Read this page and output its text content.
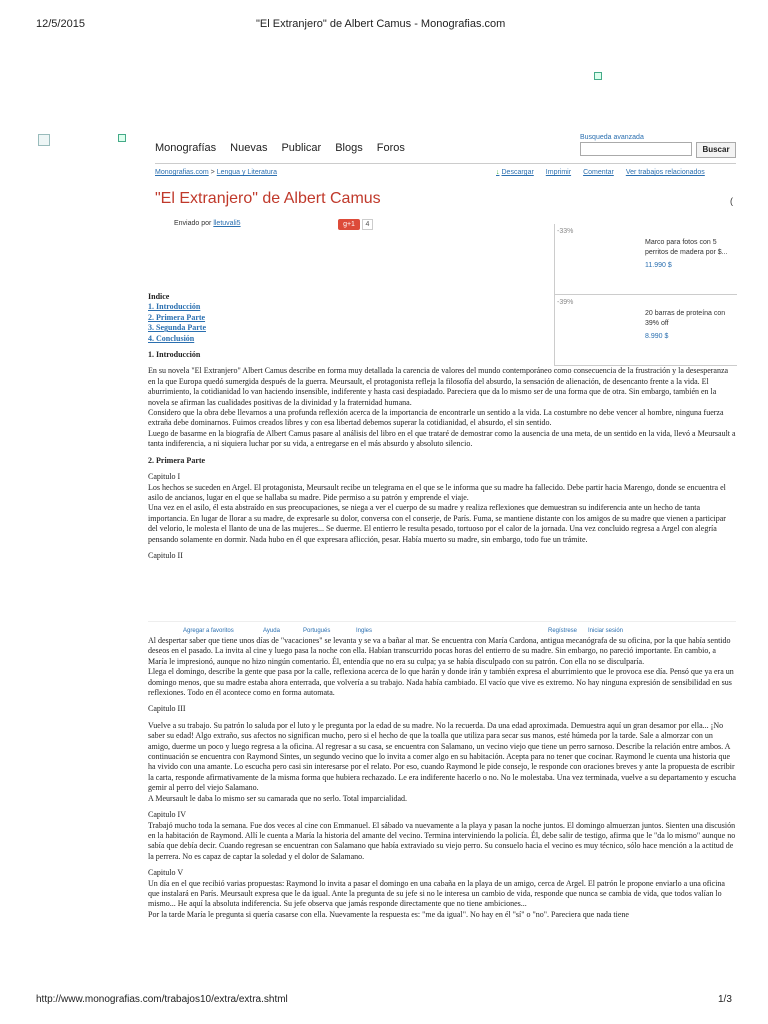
12/5/2015	"El Extranjero" de Albert Camus - Monografias.com
http://www.monografias.com/trabajos10/extra/extra.shtml	1/3
Monografías Nuevas Publicar Blogs Foros
Busqueda avanzada
Buscar
Monografias.com > Lengua y Literatura	↓ Descargar Imprimir Comentar Ver trabajos relacionados
"El Extranjero" de Albert Camus	(
Enviado por lletuvali5	g+1	4
-33%
Marco para fotos con 5 perritos de madera por $...
11.990 $
-39%
20 barras de proteína con 39% off
8.990 $

Indice

1. Introducción

2. Primera Parte

3. Segunda Parte

4. Conclusión

1. Introducción

En su novela "El Extranjero" Albert Camus describe en forma muy detallada la carencia de valores del mundo contemporáneo como consecuencia de la frustración y la desesperanza en la que Europa quedó sumergida después de la guerra. Meursault, el protagonista refleja la filosofía del absurdo, la sensación de alienación, de desencanto frente a la vida. El aburrimiento, la cotidianidad lo van haciendo insensible, indiferente y hasta casi despiadado. Pareciera que da lo mismo ser de una forma que de otra. Sin embargo, también en la novela se afirman las cualidades positivas de la divinidad y la fraternidad humana.

Considero que la obra debe llevarnos a una profunda reflexión acerca de la importancia de encontrarle un sentido a la vida. La costumbre no debe vencer al hombre, ninguna fuerza extraña debe dominarnos. Fuimos creados libres y con esa libertad debemos superar la cotidianidad, el absurdo, el sin sentido.

Luego de basarme en la biografía de Albert Camus pasare al análisis del libro en el que trataré de demostrar como la ausencia de una meta, de un sentido en la vida, llevó a Meursault a tanta indiferencia, a ni siquiera luchar por su vida, a entregarse en el más absurdo y absoluto silencio.

2. Primera Parte

Capitulo I

Los hechos se suceden en Argel. El protagonista, Meursault recibe un telegrama en el que se le informa que su madre ha fallecido. Debe partir hacia Marengo, donde se encuentra el asilo de ancianos, lugar en el que se hallaba su madre. Pide permiso a su patrón y emprende el viaje.

Una vez en el asilo, él esta abstraído en sus preocupaciones, se niega a ver el cuerpo de su madre y realiza reflexiones que demuestran su indiferencia ante un hecho de tanta importancia. En lugar de llorar a su madre, de expresarle su dolor, conversa con el conserje, de París. Fuma, se mantiene distante con los amigos de su madre que vienen a participar del velorio, le molesta el llanto de una de las mujeres... Se duerme. El entierro le resulta pesado, tortuoso por el calor de la jornada. Una vez concluido regresa a Argel con alegría pensando solamente en dormir. Nada hubo en él que expresara aflicción, pesar. Había muerto su madre, sin embargo, todo fue un trámite.

Capitulo II

Agregar a favoritos	Ayuda	Portugués	Ingles	Regístrese Iniciar sesión

Al despertar saber que tiene unos días de "vacaciones" se levanta y se va a bañar al mar. Se encuentra con María Cardona, antigua mecanógrafa de su oficina, por la que había sentido deseos en el pasado. La invita al cine y luego pasa la noche con ella. Habían transcurrido pocas horas del entierro de su madre. Sin embargo, no pareció importante. En cambio, a María le impresionó, aunque no hizo ningún comentario. Él, entendía que no era su culpa; ya se había disculpado con su patrón. Con ella no se disculparía.

Llega el domingo, describe la gente que pasa por la calle, reflexiona acerca de lo que harán y donde irán y también expresa el aburrimiento que le provoca ese día. Pensó que ya era un domingo menos, que su madre estaba ahora enterrada, que volvería a su trabajo. Nada había cambiado. El vacío que vive es extremo. No hay ninguna expresión de sensibilidad en sus reflexiones. Todo en él acontece como en forma automata.

Capitulo III

Vuelve a su trabajo. Su patrón lo saluda por el luto y le pregunta por la edad de su madre. No la recuerda. Da una edad aproximada. Demuestra aquí un gran desamor por ella... ¡No saber su edad! Algo extraño, sus afectos no significan mucho, pero si el hecho de que la toalla que utiliza para secar sus manos, esté húmeda por la tarde. Sale a almorzar con un amigo, duerme un poco y luego regresa a la oficina. Al regresar a su casa, se encuentra con Salamano, un vecino viejo que tiene un perro sarnoso. Describe la relación entre ambos. A continuación se encuentra con Raymond Sintes, un segundo vecino que lo invita a comer algo en su habitación. Acepta para no tener que cocinar. Raymond le cuenta una historia que ha vivido con una amante. Lo escucha pero casi sin interesarse por el relato. Por eso, cuando Raymond le pide consejo, le responde con oraciones breves y ante la propuesta de escribir la carta, responde afirmativamente de la misma forma que hubiera rechazado. Le era indiferente hacerlo o no. No le molestaba. Una vez terminada, vuelve a su departamento y escucha gemir al perro del viejo Salamano.

A Meursault le daba lo mismo ser su camarada que no serlo. Total imparcialidad.

Capitulo IV

Trabajó mucho toda la semana. Fue dos veces al cine con Emmanuel. El sábado va nuevamente a la playa y pasan la noche juntos. El domingo almuerzan juntos. Sienten una discusión en la habitación de Raymond. Allí le cuenta a María la historia del amante del vecino. Termina interviniendo la policía. Él, debe salir de testigo, afirma que le "da lo mismo" aunque no sabía que debía decir. Cuando regresan se encuentran con Salamano que había extraviado su viejo perro. Su consuelo hacia el vecino es muy técnico, sólo hace mención a la actitud de la perrera. No es capaz de captar la soledad y el dolor de Salamano.

Capitulo V

Un día en el que recibió varias propuestas: Raymond lo invita a pasar el domingo en una cabaña en la playa de un amigo, cerca de Argel. El patrón le propone enviarlo a una oficina que instalará en París. Meursault expresa que le da igual. Ante la pregunta de su jefe si no le interesa un cambio de vida, responde que nunca se cambia de vida, que todos valían lo mismo... He aquí la absoluta indiferencia. Su jefe observa que jamás responde directamente que no tiene ambiciones...

Por la tarde María le pregunta si quería casarse con ella. Nuevamente la respuesta es: "me da igual". No hay en él "sí" o "no". Pareciera que nada tiene
